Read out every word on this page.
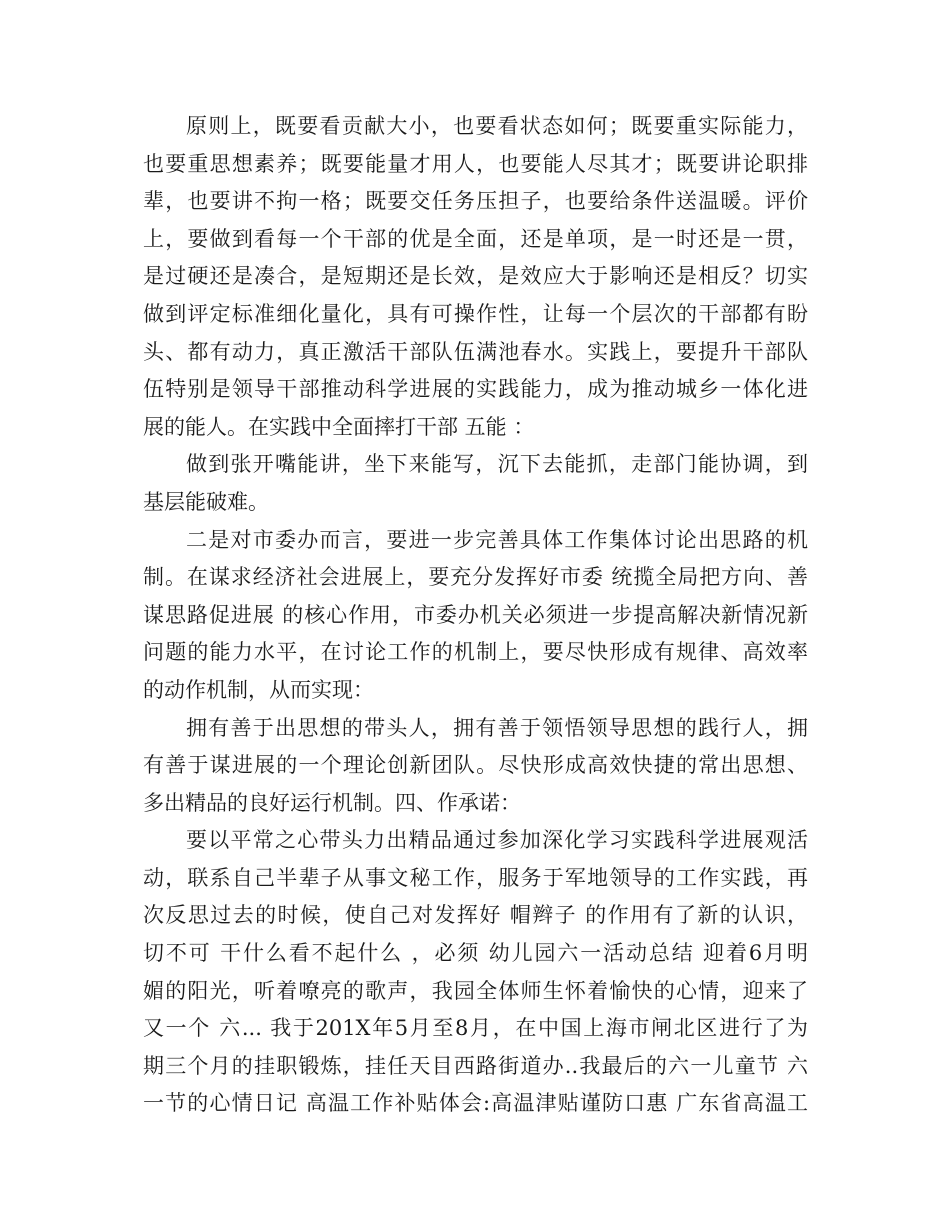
原则上，既要看贡献大小，也要看状态如何；既要重实际能力，
也要重思想素养；既要能量才用人，也要能人尽其才；既要讲论职排
辈，也要讲不拘一格；既要交任务压担子，也要给条件送温暖。评价
上，要做到看每一个干部的优是全面，还是单项，是一时还是一贯，
是过硬还是凑合，是短期还是长效，是效应大于影响还是相反？切实
做到评定标准细化量化，具有可操作性，让每一个层次的干部都有盼
头、都有动力，真正激活干部队伍满池春水。实践上，要提升干部队
伍特别是领导干部推动科学进展的实践能力，成为推动城乡一体化进
展的能人。在实践中全面摔打干部 五能 ：
做到张开嘴能讲，坐下来能写，沉下去能抓，走部门能协调，到
基层能破难。
二是对市委办而言，要进一步完善具体工作集体讨论出思路的机
制。在谋求经济社会进展上，要充分发挥好市委 统揽全局把方向、善
谋思路促进展 的核心作用，市委办机关必须进一步提高解决新情况新
问题的能力水平，在讨论工作的机制上，要尽快形成有规律、高效率
的动作机制，从而实现：
拥有善于出思想的带头人，拥有善于领悟领导思想的践行人，拥
有善于谋进展的一个理论创新团队。尽快形成高效快捷的常出思想、
多出精品的良好运行机制。四、作承诺：
要以平常之心带头力出精品通过参加深化学习实践科学进展观活
动，联系自己半辈子从事文秘工作，服务于军地领导的工作实践，再
次反思过去的时候，使自己对发挥好 帽辫子 的作用有了新的认识，
切不可 干什么看不起什么 ，必须 幼儿园六一活动总结 迎着6月明
媚的阳光，听着嘹亮的歌声，我园全体师生怀着愉快的心情，迎来了
又一个 六... 我于201X年5月至8月，在中国上海市闸北区进行了为
期三个月的挂职锻炼，挂任天目西路街道办..我最后的六一儿童节 六
一节的心情日记 高温工作补贴体会:高温津贴谨防口惠 广东省高温工
